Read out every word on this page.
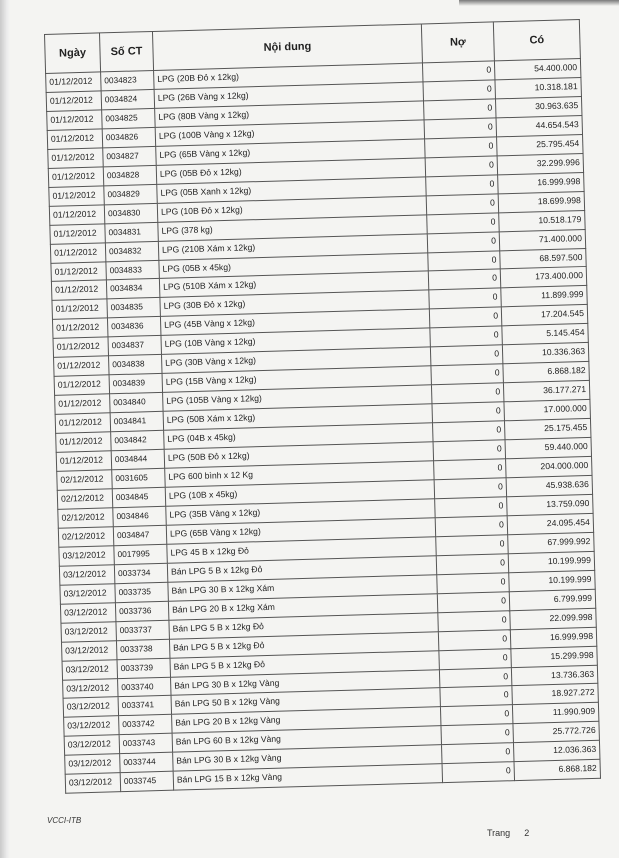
Ngày	Số CT	Nội dung	Nợ	Có
01/12/2012	0034823	LPG (20B Đỏ x 12kg)	0	54.400.000
01/12/2012	0034824	LPG (26B Vàng x 12kg)	0	10.318.181
01/12/2012	0034825	LPG (80B Vàng x 12kg)	0	30.963.635
01/12/2012	0034826	LPG (100B Vàng x 12kg)	0	44.654.543
01/12/2012	0034827	LPG (65B Vàng x 12kg)	0	25.795.454
01/12/2012	0034828	LPG (05B Đỏ x 12kg)	0	32.299.996
01/12/2012	0034829	LPG (05B Xanh x 12kg)	0	16.999.998
01/12/2012	0034830	LPG (10B Đỏ x 12kg)	0	18.699.998
01/12/2012	0034831	LPG (378 kg)	0	10.518.179
01/12/2012	0034832	LPG (210B Xám x 12kg)	0	71.400.000
01/12/2012	0034833	LPG (05B x 45kg)	0	68.597.500
01/12/2012	0034834	LPG (510B Xám x 12kg)	0	173.400.000
01/12/2012	0034835	LPG (30B Đỏ x 12kg)	0	11.899.999
01/12/2012	0034836	LPG (45B Vàng x 12kg)	0	17.204.545
01/12/2012	0034837	LPG (10B Vàng x 12kg)	0	5.145.454
01/12/2012	0034838	LPG (30B Vàng x 12kg)	0	10.336.363
01/12/2012	0034839	LPG (15B Vàng x 12kg)	0	6.868.182
01/12/2012	0034840	LPG (105B Vàng x 12kg)	0	36.177.271
01/12/2012	0034841	LPG (50B Xám x 12kg)	0	17.000.000
01/12/2012	0034842	LPG (04B x 45kg)	0	25.175.455
01/12/2012	0034844	LPG (50B Đỏ x 12kg)	0	59.440.000
02/12/2012	0031605	LPG 600 bình x 12 Kg	0	204.000.000
02/12/2012	0034845	LPG (10B x 45kg)	0	45.938.636
02/12/2012	0034846	LPG (35B Vàng x 12kg)	0	13.759.090
02/12/2012	0034847	LPG (65B Vàng x 12kg)	0	24.095.454
03/12/2012	0017995	LPG 45 B x 12kg Đỏ	0	67.999.992
03/12/2012	0033734	Bán LPG 5 B x 12kg Đỏ	0	10.199.999
03/12/2012	0033735	Bán LPG 30 B x 12kg Xám	0	10.199.999
03/12/2012	0033736	Bán LPG 20 B x 12kg Xám	0	6.799.999
03/12/2012	0033737	Bán LPG 5 B x 12kg Đỏ	0	22.099.998
03/12/2012	0033738	Bán LPG 5 B x 12kg Đỏ	0	16.999.998
03/12/2012	0033739	Bán LPG 5 B x 12kg Đỏ	0	15.299.998
03/12/2012	0033740	Bán LPG 30 B x 12kg Vàng	0	13.736.363
03/12/2012	0033741	Bán LPG 50 B x 12kg Vàng	0	18.927.272
03/12/2012	0033742	Bán LPG 20 B x 12kg Vàng	0	11.990.909
03/12/2012	0033743	Bán LPG 60 B x 12kg Vàng	0	25.772.726
03/12/2012	0033744	Bán LPG 30 B x 12kg Vàng	0	12.036.363
03/12/2012	0033745	Bán LPG 15 B x 12kg Vàng	0	6.868.182
VCCI-ITB
Trang 2
